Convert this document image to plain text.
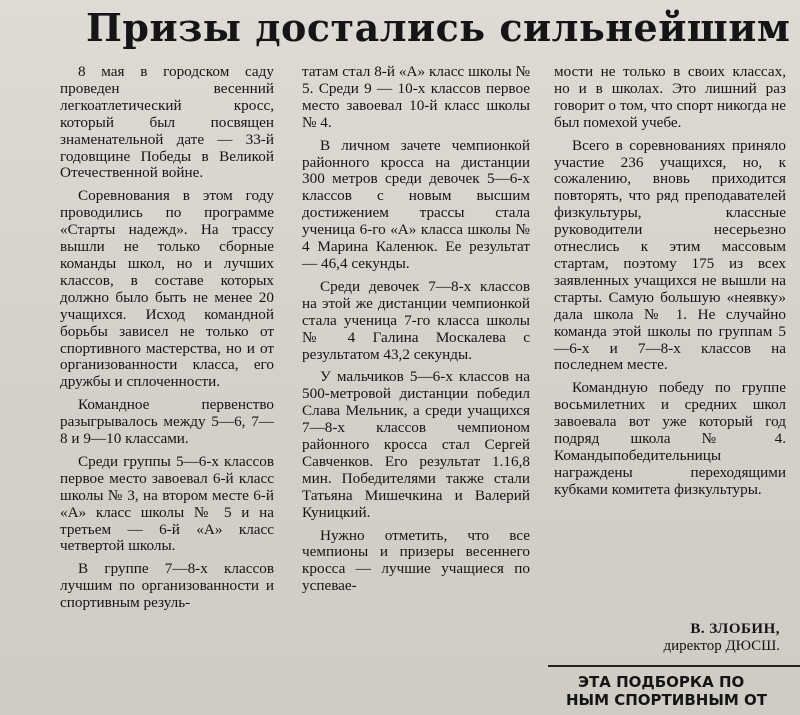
Призы достались сильнейшим

8 мая в городском саду проведен весенний легкоатлетический кросс, который был посвящен знаменательной дате — 33-й годовщине Победы в Великой Отечественной войне.

Соревнования в этом году проводились по программе «Старты надежд». На трассу вышли не только сборные команды школ, но и лучших классов, в составе которых должно было быть не менее 20 учащихся. Исход командной борьбы зависел не только от спортивного мастерства, но и от организованности класса, его дружбы и сплоченности.

Командное первенство разыгрывалось между 5—6, 7—8 и 9—10 классами.

Среди группы 5—6-х классов первое место завоевал 6-й класс школы № 3, на втором месте 6-й «А» класс школы № 5 и на третьем — 6-й «А» класс четвертой школы.

В группе 7—8-х классов лучшим по организованности и спортивным резуль-

татам стал 8-й «А» класс школы № 5. Среди 9 — 10-х классов первое место завоевал 10-й класс школы № 4.

В личном зачете чемпионкой районного кросса на дистанции 300 метров среди девочек 5—6-х классов с новым высшим достижением трассы стала ученица 6-го «А» класса школы № 4 Марина Каленюк. Ее результат — 46,4 секунды.

Среди девочек 7—8-х классов на этой же дистанции чемпионкой стала ученица 7-го класса школы № 4 Галина Москалева с результатом 43,2 секунды.

У мальчиков 5—6-х классов на 500-метровой дистанции победил Слава Мельник, а среди учащихся 7—8-х классов чемпионом районного кросса стал Сергей Савченков. Его результат 1.16,8 мин. Победителями также стали Татьяна Мишечкина и Валерий Куницкий.

Нужно отметить, что все чемпионы и призеры весеннего кросса — лучшие учащиеся по успевае-

мости не только в своих классах, но и в школах. Это лишний раз говорит о том, что спорт никогда не был помехой учебе.

Всего в соревнованиях приняло участие 236 учащихся, но, к сожалению, вновь приходится повторять, что ряд преподавателей физкультуры, классные руководители несерьезно отнеслись к этим массовым стартам, поэтому 175 из всех заявленных учащихся не вышли на старты. Самую большую «неявку» дала школа № 1. Не случайно команда этой школы по группам 5—6-х и 7—8-х классов на последнем месте.

Командную победу по группе восьмилетних и средних школ завоевала вот уже который год подряд школа № 4. Командыпобедительницы награждены переходящими кубками комитета физкультуры.

В. ЗЛОБИН,
директор ДЮСШ.
ЭТА ПОДБОРКА ПО
НЫМ СПОРТИВНЫМ ОТ
